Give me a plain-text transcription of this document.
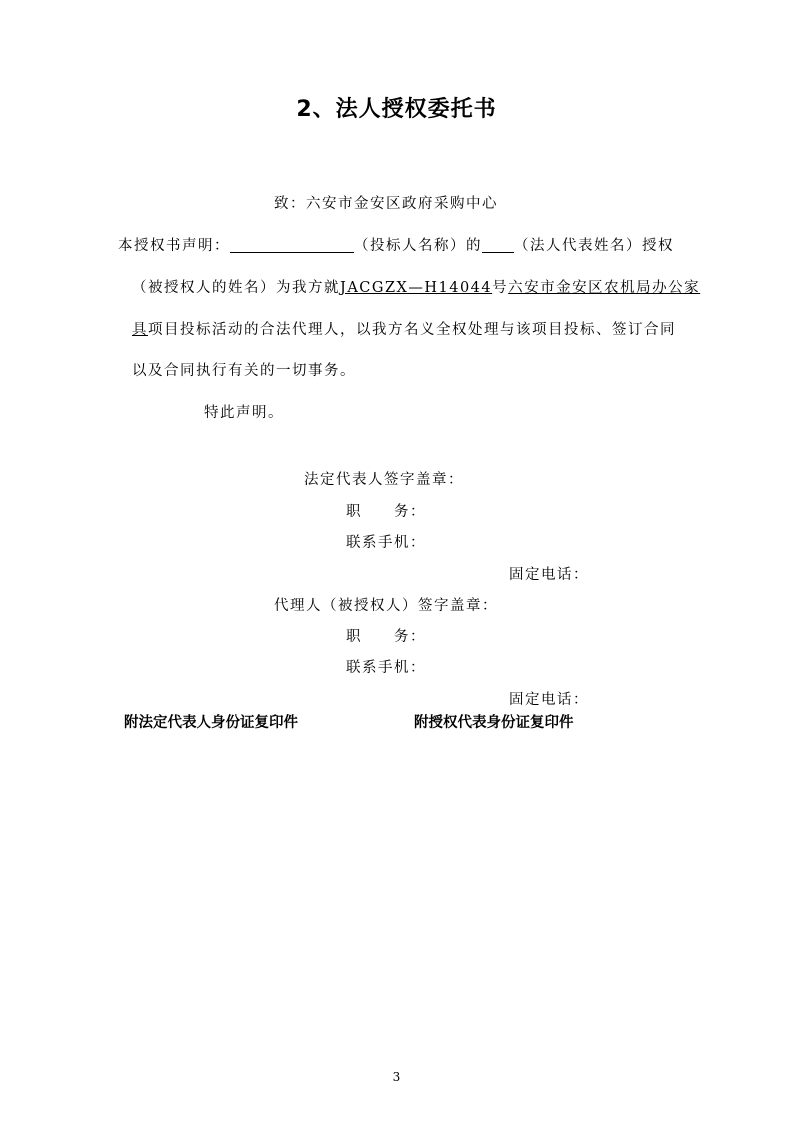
2、法人授权委托书
致：六安市金安区政府采购中心
本授权书声明：	（投标人名称）的 （法人代表姓名）授权
（被授权人的姓名）为我方就JACGZX—H14044号六安市金安区农机局办公家
具项目投标活动的合法代理人，以我方名义全权处理与该项目投标、签订合同
以及合同执行有关的一切事务。
特此声明。
法定代表人签字盖章：
职　　务：
联系手机：
固定电话：
代理人（被授权人）签字盖章：
职　　务：
联系手机：
固定电话：
附法定代表人身份证复印件	附授权代表身份证复印件
3
